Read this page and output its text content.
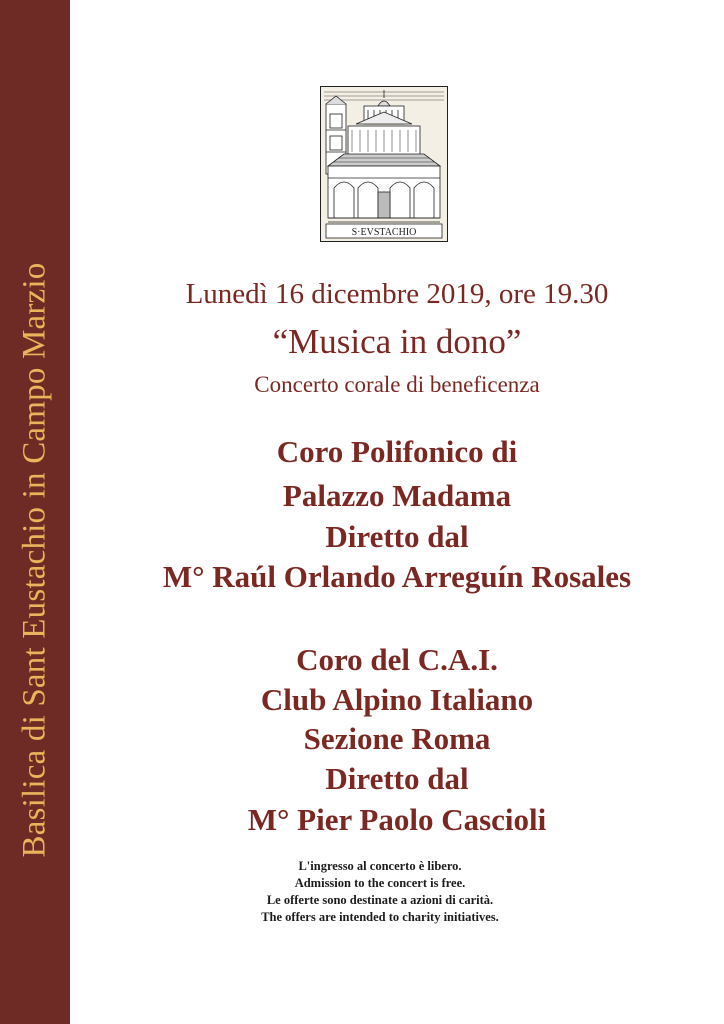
Basilica di Sant Eustachio in Campo Marzio
S·EVSTACHIO
Lunedì 16 dicembre 2019, ore 19.30
“Musica in dono”
Concerto corale di beneficenza
Coro Polifonico di
Palazzo Madama
Diretto dal
M° Raúl Orlando Arreguín Rosales
Coro del C.A.I.
Club Alpino Italiano
Sezione Roma
Diretto dal
M° Pier Paolo Cascioli
L'ingresso al concerto è libero.
Admission to the concert is free.
Le offerte sono destinate a azioni di carità.
The offers are intended to charity initiatives.
